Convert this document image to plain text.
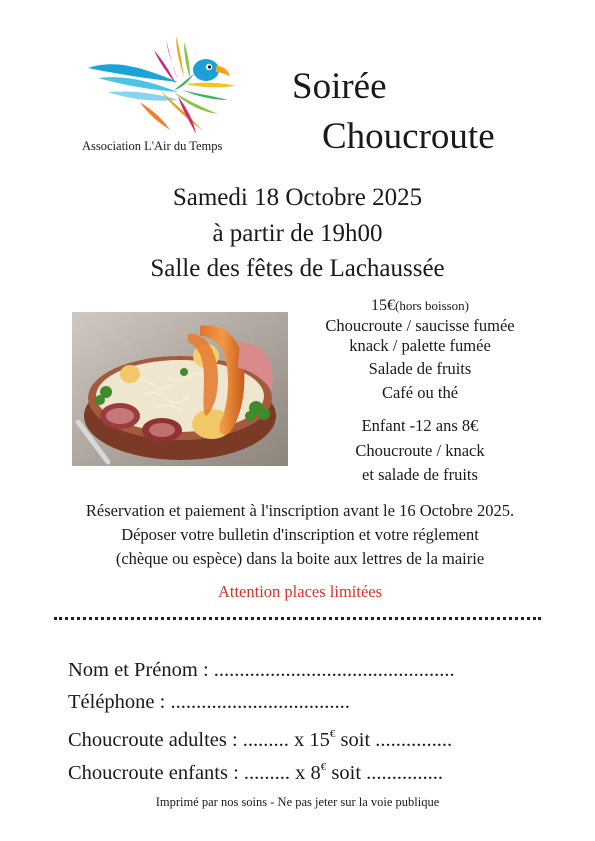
Association L'Air du Temps
Soirée
Choucroute
Samedi 18 Octobre 2025
à partir de 19h00
Salle des fêtes de Lachaussée
15€(hors boisson)
Choucroute / saucisse fumée
knack / palette fumée
Salade de fruits
Café ou thé
Enfant -12 ans 8€
Choucroute / knack
et salade de fruits
Réservation et paiement à l'inscription avant le 16 Octobre 2025.
Déposer votre bulletin d'inscription et votre réglement
(chèque ou espèce) dans la boite aux lettres de la mairie
Attention places limitées
Nom et Prénom : ...............................................
Téléphone : ...................................
Choucroute adultes : ......... x 15€ soit ...............
Choucroute enfants : ......... x 8€ soit ...............
Imprimé par nos soins - Ne pas jeter sur la voie publique
